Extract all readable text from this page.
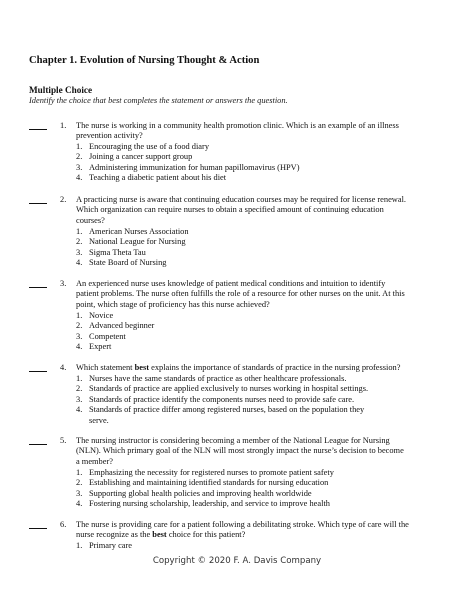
Chapter 1. Evolution of Nursing Thought & Action
Multiple Choice
Identify the choice that best completes the statement or answers the question.
1. The nurse is working in a community health promotion clinic. Which is an example of an illness
prevention activity?
1. Encouraging the use of a food diary
2. Joining a cancer support group
3. Administering immunization for human papillomavirus (HPV)
4. Teaching a diabetic patient about his diet
2. A practicing nurse is aware that continuing education courses may be required for license renewal.
Which organization can require nurses to obtain a specified amount of continuing education
courses?
1. American Nurses Association
2. National League for Nursing
3. Sigma Theta Tau
4. State Board of Nursing
3. An experienced nurse uses knowledge of patient medical conditions and intuition to identify
patient problems. The nurse often fulfills the role of a resource for other nurses on the unit. At this
point, which stage of proficiency has this nurse achieved?
1. Novice
2. Advanced beginner
3. Competent
4. Expert
4. Which statement best explains the importance of standards of practice in the nursing profession?
1. Nurses have the same standards of practice as other healthcare professionals.
2. Standards of practice are applied exclusively to nurses working in hospital settings.
3. Standards of practice identify the components nurses need to provide safe care.
4. Standards of practice differ among registered nurses, based on the population they
serve.
5. The nursing instructor is considering becoming a member of the National League for Nursing
(NLN). Which primary goal of the NLN will most strongly impact the nurse’s decision to become
a member?
1. Emphasizing the necessity for registered nurses to promote patient safety
2. Establishing and maintaining identified standards for nursing education
3. Supporting global health policies and improving health worldwide
4. Fostering nursing scholarship, leadership, and service to improve health
6. The nurse is providing care for a patient following a debilitating stroke. Which type of care will the
nurse recognize as the best choice for this patient?
1. Primary care
Copyright © 2020 F. A. Davis Company
